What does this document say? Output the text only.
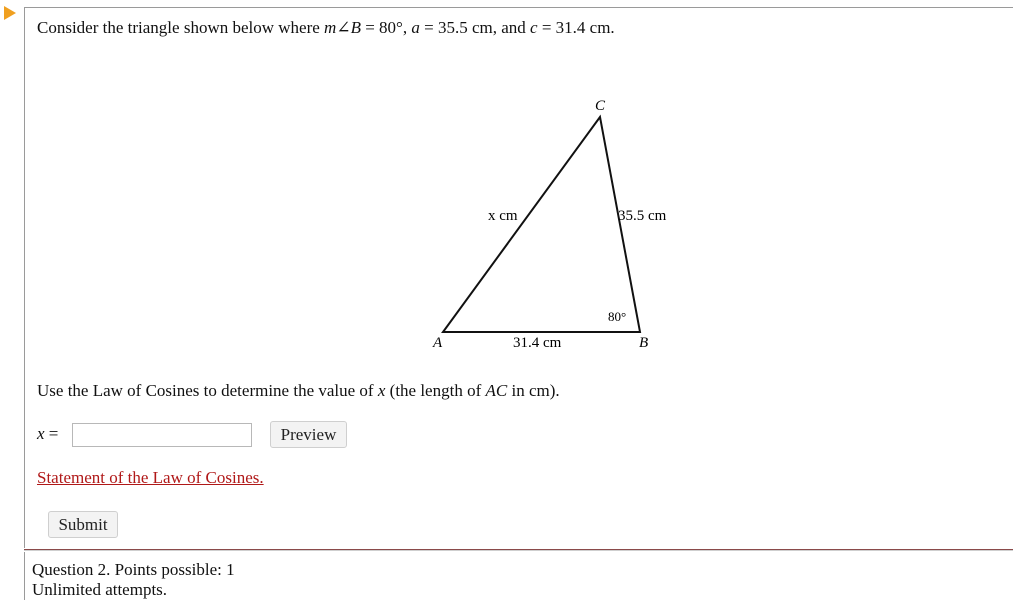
Consider the triangle shown below where m∠B = 80°, a = 35.5 cm, and c = 31.4 cm.
C
A	B
x cm	35.5 cm
31.4 cm
80°
Use the Law of Cosines to determine the value of x (the length of AC in cm).
x =	Preview
Statement of the Law of Cosines.
Submit
Question 2. Points possible: 1
Unlimited attempts.
